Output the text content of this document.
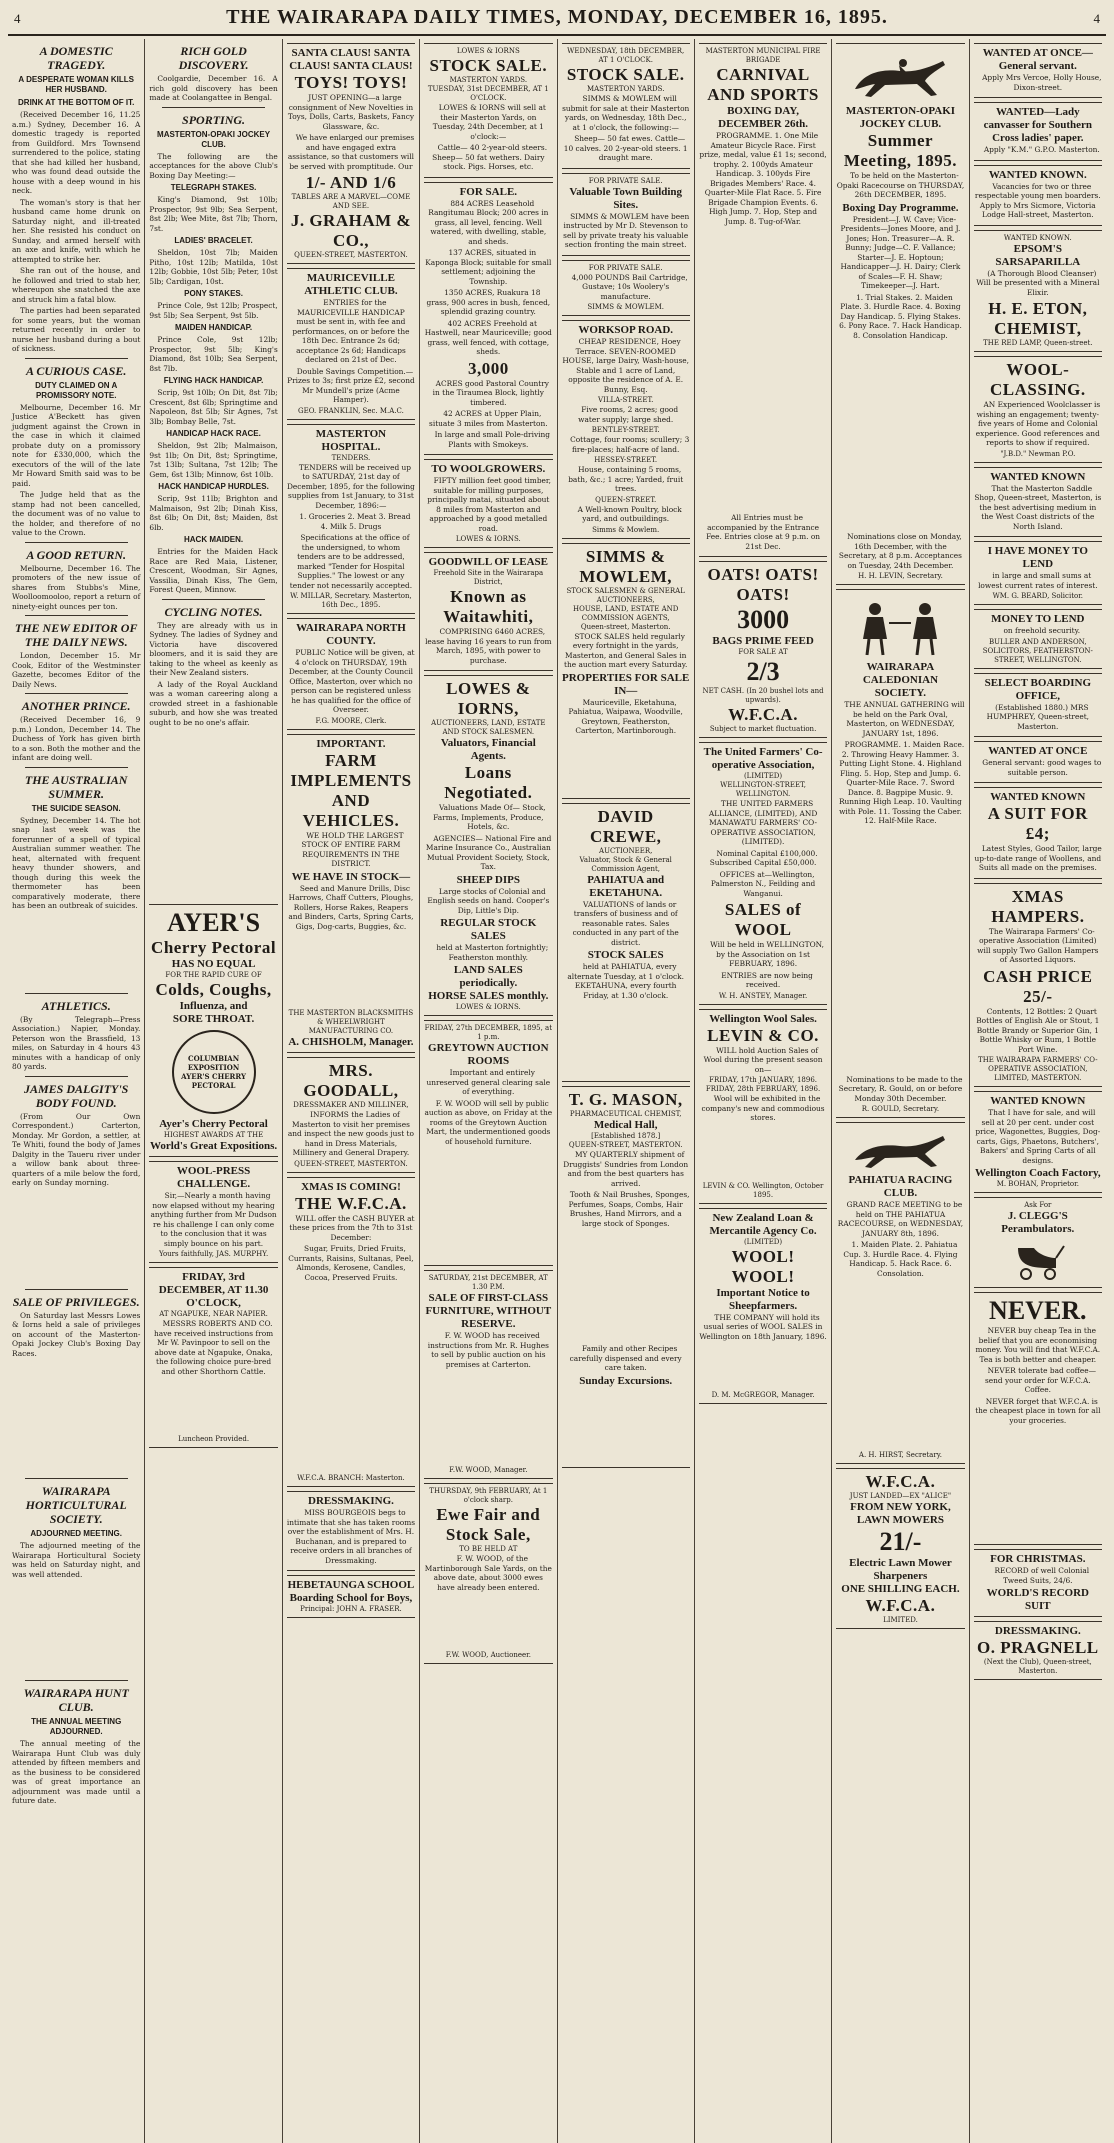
4	THE WAIRARAPA DAILY TIMES, MONDAY, DECEMBER 16, 1895.	4
A DOMESTIC TRAGEDY.
A DESPERATE WOMAN KILLS HER HUSBAND.
DRINK AT THE BOTTOM OF IT.

(Received December 16, 11.25 a.m.) Sydney, December 16. A domestic tragedy is reported from Guildford. Mrs Townsend surrendered to the police, stating that she had killed her husband, who was found dead outside the house with a deep wound in his neck.

The woman's story is that her husband came home drunk on Saturday night, and ill-treated her. She resisted his conduct on Sunday, and armed herself with an axe and knife, with which he attempted to strike her.

She ran out of the house, and he followed and tried to stab her, whereupon she snatched the axe and struck him a fatal blow.

The parties had been separated for some years, but the woman returned recently in order to nurse her husband during a bout of sickness.

A CURIOUS CASE.
DUTY CLAIMED ON A PROMISSORY NOTE.

Melbourne, December 16. Mr Justice A'Beckett has given judgment against the Crown in the case in which it claimed probate duty on a promissory note for £330,000, which the executors of the will of the late Mr Howard Smith said was to be paid.

The Judge held that as the stamp had not been cancelled, the document was of no value to the holder, and therefore of no value to the Crown.

A GOOD RETURN.

Melbourne, December 16. The promoters of the new issue of shares from Stubbs's Mine, Woolloomooloo, report a return of ninety-eight ounces per ton.

THE NEW EDITOR OF THE DAILY NEWS.

London, December 15. Mr Cook, Editor of the Westminster Gazette, becomes Editor of the Daily News.

ANOTHER PRINCE.

(Received December 16, 9 p.m.) London, December 14. The Duchess of York has given birth to a son. Both the mother and the infant are doing well.

THE AUSTRALIAN SUMMER.
THE SUICIDE SEASON.

Sydney, December 14. The hot snap last week was the forerunner of a spell of typical Australian summer weather. The heat, alternated with frequent heavy thunder showers, and though during this week the thermometer has been comparatively moderate, there has been an outbreak of suicides.

ATHLETICS.

(By Telegraph—Press Association.) Napier, Monday. Peterson won the Brassfield, 13 miles, on Saturday in 4 hours 43 minutes with a handicap of only 80 yards.

JAMES DALGITY'S BODY FOUND.

(From Our Own Correspondent.) Carterton, Monday. Mr Gordon, a settler, at Te Whiti, found the body of James Dalgity in the Taueru river under a willow bank about three-quarters of a mile below the ford, early on Sunday morning.

SALE OF PRIVILEGES.

On Saturday last Messrs Lowes & Iorns held a sale of privileges on account of the Masterton-Opaki Jockey Club's Boxing Day Races.

WAIRARAPA HORTICULTURAL SOCIETY.
ADJOURNED MEETING.

The adjourned meeting of the Wairarapa Horticultural Society was held on Saturday night, and was well attended.

WAIRARAPA HUNT CLUB.
THE ANNUAL MEETING ADJOURNED.

The annual meeting of the Wairarapa Hunt Club was duly attended by fifteen members and as the business to be considered was of great importance an adjournment was made until a future date.

RICH GOLD DISCOVERY.

Coolgardie, December 16. A rich gold discovery has been made at Coolangattee in Bengal.

SPORTING.
MASTERTON-OPAKI JOCKEY CLUB.

The following are the acceptances for the above Club's Boxing Day Meeting:—

TELEGRAPH STAKES.

King's Diamond, 9st 10lb; Prospector, 9st 9lb; Sea Serpent, 8st 2lb; Wee Mite, 8st 7lb; Thorn, 7st.

LADIES' BRACELET.

Sheldon, 10st 7lb; Maiden Pitho, 10st 12lb; Matilda, 10st 12lb; Gobbie, 10st 5lb; Peter, 10st 5lb; Cardigan, 10st.

PONY STAKES.

Prince Cole, 9st 12lb; Prospect, 9st 5lb; Sea Serpent, 9st 5lb.

MAIDEN HANDICAP.

Prince Cole, 9st 12lb; Prospector, 9st 5lb; King's Diamond, 8st 10lb; Sea Serpent, 8st 7lb.

FLYING HACK HANDICAP.

Scrip, 9st 10lb; On Dit, 8st 7lb; Crescent, 8st 6lb; Springtime and Napoleon, 8st 5lb; Sir Agnes, 7st 3lb; Bombay Belle, 7st.

HANDICAP HACK RACE.

Sheldon, 9st 2lb; Malmaison, 9st 1lb; On Dit, 8st; Springtime, 7st 13lb; Sultana, 7st 12lb; The Gem, 6st 13lb; Minnow, 6st 10lb.

HACK HANDICAP HURDLES.

Scrip, 9st 11lb; Brighton and Malmaison, 9st 2lb; Dinah Kiss, 8st 6lb; On Dit, 8st; Maiden, 8st 6lb.

HACK MAIDEN.

Entries for the Maiden Hack Race are Red Maia, Listener, Crescent, Woodman, Sir Agnes, Vassilia, Dinah Kiss, The Gem, Forest Queen, Minnow.

CYCLING NOTES.

They are already with us in Sydney. The ladies of Sydney and Victoria have discovered bloomers, and it is said they are taking to the wheel as keenly as their New Zealand sisters.

A lady of the Royal Auckland was a woman careering along a crowded street in a fashionable suburb, and how she was treated ought to be no one's affair.

AYER'S
Cherry Pectoral
HAS NO EQUAL
FOR THE RAPID CURE OF
Colds, Coughs,
Influenza, and
SORE THROAT.
COLUMBIAN EXPOSITION AYER'S CHERRY PECTORAL
Ayer's Cherry Pectoral
HIGHEST AWARDS AT THE
World's Great Expositions.
WOOL-PRESS CHALLENGE.

Sir,—Nearly a month having now elapsed without my hearing anything further from Mr Dudson re his challenge I can only come to the conclusion that it was simply bounce on his part.

Yours faithfully, JAS. MURPHY.
FRIDAY, 3rd DECEMBER, AT 11.30 O'CLOCK,
AT NGAPUKE, NEAR NAPIER.

MESSRS ROBERTS AND CO. have received instructions from Mr W. Pavinpoor to sell on the above date at Ngapuke, Onaka, the following choice pure-bred and other Shorthorn Cattle.

Luncheon Provided.
SANTA CLAUS! SANTA CLAUS! SANTA CLAUS!
TOYS! TOYS!

JUST OPENING—a large consignment of New Novelties in Toys, Dolls, Carts, Baskets, Fancy Glassware, &c.

We have enlarged our premises and have engaged extra assistance, so that customers will be served with promptitude. Our

1/- AND 1/6
TABLES ARE A MARVEL—COME AND SEE.
J. GRAHAM & CO.,
QUEEN-STREET, MASTERTON.
MAURICEVILLE ATHLETIC CLUB.

ENTRIES for the MAURICEVILLE HANDICAP must be sent in, with fee and performances, on or before the 18th Dec. Entrance 2s 6d; acceptance 2s 6d; Handicaps declared on 21st of Dec.

Double Savings Competition.—Prizes to 3s; first prize £2, second Mr Mundell's prize (Acme Hamper).

GEO. FRANKLIN, Sec. M.A.C.
MASTERTON HOSPITAL.
TENDERS.

TENDERS will be received up to SATURDAY, 21st day of December, 1895, for the following supplies from 1st January, to 31st December, 1896:—

1. Groceries 2. Meat 3. Bread 4. Milk 5. Drugs

Specifications at the office of the undersigned, to whom tenders are to be addressed, marked "Tender for Hospital Supplies." The lowest or any tender not necessarily accepted.

W. MILLAR, Secretary. Masterton, 16th Dec., 1895.
WAIRARAPA NORTH COUNTY.

PUBLIC Notice will be given, at 4 o'clock on THURSDAY, 19th December, at the County Council Office, Masterton, over which no person can be registered unless he has qualified for the office of Overseer.

F.G. MOORE, Clerk.
IMPORTANT.
FARM IMPLEMENTS AND VEHICLES.

WE HOLD THE LARGEST STOCK OF ENTIRE FARM REQUIREMENTS IN THE DISTRICT.

WE HAVE IN STOCK—

Seed and Manure Drills, Disc Harrows, Chaff Cutters, Ploughs, Rollers, Horse Rakes, Reapers and Binders, Carts, Spring Carts, Gigs, Dog-carts, Buggies, &c.

THE MASTERTON BLACKSMITHS & WHEELWRIGHT MANUFACTURING CO.
A. CHISHOLM, Manager.
MRS. GOODALL,
DRESSMAKER AND MILLINER,

INFORMS the Ladies of Masterton to visit her premises and inspect the new goods just to hand in Dress Materials, Millinery and General Drapery.

QUEEN-STREET, MASTERTON.
XMAS IS COMING!
THE W.F.C.A.

WILL offer the CASH BUYER at these prices from the 7th to 31st December:

Sugar, Fruits, Dried Fruits, Currants, Raisins, Sultanas, Peel, Almonds, Kerosene, Candles, Cocoa, Preserved Fruits.

W.F.C.A. BRANCH: Masterton.
DRESSMAKING.

MISS BOURGEOIS begs to intimate that she has taken rooms over the establishment of Mrs. H. Buchanan, and is prepared to receive orders in all branches of Dressmaking.

HEBETAUNGA SCHOOL
Boarding School for Boys,
Principal: JOHN A. FRASER.
LOWES & IORNS
STOCK SALE.
MASTERTON YARDS.
TUESDAY, 31st DECEMBER, AT 1 O'CLOCK.

LOWES & IORNS will sell at their Masterton Yards, on Tuesday, 24th December, at 1 o'clock:—

Cattle— 40 2-year-old steers. Sheep— 50 fat wethers. Dairy stock. Pigs. Horses, etc.

FOR SALE.

884 ACRES Leasehold Rangitumau Block; 200 acres in grass, all level, fencing. Well watered, with dwelling, stable, and sheds.

137 ACRES, situated in Kaponga Block; suitable for small settlement; adjoining the Township.

1350 ACRES, Ruakura 18 grass, 900 acres in bush, fenced, splendid grazing country.

402 ACRES Freehold at Hastwell, near Mauriceville; good grass, well fenced, with cottage, sheds.

3,000

ACRES good Pastoral Country in the Tiraumea Block, lightly timbered.

42 ACRES at Upper Plain, situate 3 miles from Masterton.

In large and small Pole-driving Plants with Smokeys.

TO WOOLGROWERS.

FIFTY million feet good timber, suitable for milling purposes, principally matai, situated about 8 miles from Masterton and approached by a good metalled road.

LOWES & IORNS.
GOODWILL OF LEASE
Freehold Site in the Wairarapa District,
Known as Waitawhiti,

COMPRISING 6460 ACRES, lease having 16 years to run from March, 1895, with power to purchase.

LOWES & IORNS,
AUCTIONEERS, LAND, ESTATE AND STOCK SALESMEN.
Valuators, Financial Agents.
Loans Negotiated.

Valuations Made Of— Stock, Farms, Implements, Produce, Hotels, &c.

AGENCIES— National Fire and Marine Insurance Co., Australian Mutual Provident Society, Stock, Tax.

SHEEP DIPS

Large stocks of Colonial and English seeds on hand. Cooper's Dip, Little's Dip.

REGULAR STOCK SALES

held at Masterton fortnightly; Featherston monthly.

LAND SALES periodically.
HORSE SALES monthly.
LOWES & IORNS.
FRIDAY, 27th DECEMBER, 1895, at 1 p.m.
GREYTOWN AUCTION ROOMS

Important and entirely unreserved general clearing sale of everything.

F. W. WOOD will sell by public auction as above, on Friday at the rooms of the Greytown Auction Mart, the undermentioned goods of household furniture.

SATURDAY, 21st DECEMBER, AT 1.30 P.M.
SALE OF FIRST-CLASS FURNITURE, WITHOUT RESERVE.

F. W. WOOD has received instructions from Mr. R. Hughes to sell by public auction on his premises at Carterton.

F.W. WOOD, Manager.
THURSDAY, 9th FEBRUARY, At 1 o'clock sharp.
Ewe Fair and Stock Sale,
TO BE HELD AT

F. W. WOOD, of the Martinborough Sale Yards, on the above date, about 3000 ewes have already been entered.

F.W. WOOD, Auctioneer.
WEDNESDAY, 18th DECEMBER, AT 1 O'CLOCK.
STOCK SALE.
MASTERTON YARDS.

SIMMS & MOWLEM will submit for sale at their Masterton yards, on Wednesday, 18th Dec., at 1 o'clock, the following:—

Sheep— 50 fat ewes. Cattle— 10 calves. 20 2-year-old steers. 1 draught mare.

FOR PRIVATE SALE.
Valuable Town Building Sites.

SIMMS & MOWLEM have been instructed by Mr D. Stevenson to sell by private treaty his valuable section fronting the main street.

FOR PRIVATE SALE.

4,000 POUNDS Bail Cartridge, Gustave; 10s Woolery's manufacture.

SIMMS & MOWLEM.
WORKSOP ROAD.

CHEAP RESIDENCE, Hoey Terrace. SEVEN-ROOMED HOUSE, large Dairy, Wash-house, Stable and 1 acre of Land, opposite the residence of A. E. Bunny, Esq.

VILLA-STREET.

Five rooms, 2 acres; good water supply; large shed.

BENTLEY-STREET.

Cottage, four rooms; scullery; 3 fire-places; half-acre of land.

HESSEY-STREET.

House, containing 5 rooms, bath, &c.; 1 acre; Yarded, fruit trees.

QUEEN-STREET.

A Well-known Poultry, block yard, and outbuildings.

Simms & Mowlem.
SIMMS & MOWLEM,
STOCK SALESMEN & GENERAL AUCTIONEERS,
HOUSE, LAND, ESTATE AND COMMISSION AGENTS,
Queen-street, Masterton.

STOCK SALES held regularly every fortnight in the yards, Masterton, and General Sales in the auction mart every Saturday.

PROPERTIES FOR SALE IN—

Mauriceville, Eketahuna, Pahiatua, Waipawa, Woodville, Greytown, Featherston, Carterton, Martinborough.

DAVID CREWE,
AUCTIONEER,
Valuator, Stock & General Commission Agent,
PAHIATUA and EKETAHUNA.

VALUATIONS of lands or transfers of business and of reasonable rates. Sales conducted in any part of the district.

STOCK SALES

held at PAHIATUA, every alternate Tuesday, at 1 o'clock. EKETAHUNA, every fourth Friday, at 1.30 o'clock.

T. G. MASON,
PHARMACEUTICAL CHEMIST,
Medical Hall,
[Established 1878.]
QUEEN-STREET, MASTERTON.

MY QUARTERLY shipment of Druggists' Sundries from London and from the best quarters has arrived.

Tooth & Nail Brushes, Sponges, Perfumes, Soaps, Combs, Hair Brushes, Hand Mirrors, and a large stock of Sponges.

Family and other Recipes carefully dispensed and every care taken.

Sunday Excursions.
MASTERTON MUNICIPAL FIRE BRIGADE
CARNIVAL AND SPORTS
BOXING DAY, DECEMBER 26th.

PROGRAMME. 1. One Mile Amateur Bicycle Race. First prize, medal, value £1 1s; second, trophy. 2. 100yds Amateur Handicap. 3. 100yds Fire Brigades Members' Race. 4. Quarter-Mile Flat Race. 5. Fire Brigade Champion Events. 6. High Jump. 7. Hop, Step and Jump. 8. Tug-of-War.

All Entries must be accompanied by the Entrance Fee. Entries close at 9 p.m. on 21st Dec.

OATS! OATS! OATS!
3000
BAGS PRIME FEED
FOR SALE AT
2/3
NET CASH. (In 20 bushel lots and upwards).
W.F.C.A.
Subject to market fluctuation.
The United Farmers' Co-operative Association,
(LIMITED)
WELLINGTON-STREET, WELLINGTON.

THE UNITED FARMERS ALLIANCE, (LIMITED), AND MANAWATU FARMERS' CO-OPERATIVE ASSOCIATION, (LIMITED).

Nominal Capital £100,000. Subscribed Capital £50,000.

OFFICES at—Wellington, Palmerston N., Feilding and Wanganui.

SALES of WOOL

Will be held in WELLINGTON, by the Association on 1st FEBRUARY, 1896.

ENTRIES are now being received.

W. H. ANSTEY, Manager.
Wellington Wool Sales.
LEVIN & CO.

WILL hold Auction Sales of Wool during the present season on—

FRIDAY, 17th JANUARY, 1896. FRIDAY, 28th FEBRUARY, 1896.

Wool will be exhibited in the company's new and commodious stores.

LEVIN & CO. Wellington, October 1895.
New Zealand Loan & Mercantile Agency Co.
(LIMITED)
WOOL! WOOL!
Important Notice to Sheepfarmers.

THE COMPANY will hold its usual series of WOOL SALES in Wellington on 18th January, 1896.

D. M. McGREGOR, Manager.
MASTERTON-OPAKI JOCKEY CLUB.
Summer Meeting, 1895.

To be held on the Masterton-Opaki Racecourse on THURSDAY, 26th DECEMBER, 1895.

Boxing Day Programme.

President—J. W. Cave; Vice-Presidents—Jones Moore, and J. Jones; Hon. Treasurer—A. R. Bunny; Judge—C. F. Vallance; Starter—J. E. Hoptoun; Handicapper—J. H. Dairy; Clerk of Scales—F. H. Shaw; Timekeeper—J. Hart.

1. Trial Stakes. 2. Maiden Plate. 3. Hurdle Race. 4. Boxing Day Handicap. 5. Flying Stakes. 6. Pony Race. 7. Hack Handicap. 8. Consolation Handicap.

Nominations close on Monday, 16th December, with the Secretary, at 8 p.m. Acceptances on Tuesday, 24th December.

H. H. LEVIN, Secretary.
WAIRARAPA CALEDONIAN SOCIETY.

THE ANNUAL GATHERING will be held on the Park Oval, Masterton, on WEDNESDAY, JANUARY 1st, 1896.

PROGRAMME. 1. Maiden Race. 2. Throwing Heavy Hammer. 3. Putting Light Stone. 4. Highland Fling. 5. Hop, Step and Jump. 6. Quarter-Mile Race. 7. Sword Dance. 8. Bagpipe Music. 9. Running High Leap. 10. Vaulting with Pole. 11. Tossing the Caber. 12. Half-Mile Race.

Nominations to be made to the Secretary, R. Gould, on or before Monday 30th December.

R. GOULD, Secretary.
PAHIATUA RACING CLUB.

GRAND RACE MEETING to be held on THE PAHIATUA RACECOURSE, on WEDNESDAY, JANUARY 8th, 1896.

1. Maiden Plate. 2. Pahiatua Cup. 3. Hurdle Race. 4. Flying Handicap. 5. Hack Race. 6. Consolation.

A. H. HIRST, Secretary.
W.F.C.A.
JUST LANDED—EX "ALICE"
FROM NEW YORK, LAWN MOWERS
21/-
Electric Lawn Mower Sharpeners
ONE SHILLING EACH.
W.F.C.A.
LIMITED.
WANTED AT ONCE—General servant.

Apply Mrs Vercoe, Holly House, Dixon-street.

WANTED—Lady canvasser for Southern Cross ladies' paper.

Apply "K.M." G.P.O. Masterton.

WANTED KNOWN.

Vacancies for two or three respectable young men boarders. Apply to Mrs Sicmore, Victoria Lodge Hall-street, Masterton.

WANTED KNOWN.
EPSOM'S SARSAPARILLA

(A Thorough Blood Cleanser) Will be presented with a Mineral Elixir.

H. E. ETON, CHEMIST,
THE RED LAMP, Queen-street.
WOOL-CLASSING.

AN Experienced Woolclasser is wishing an engagement; twenty-five years of Home and Colonial experience. Good references and reports to show if required.

"J.B.D." Newman P.O.
WANTED KNOWN

That the Masterton Saddle Shop, Queen-street, Masterton, is the best advertising medium in the West Coast districts of the North Island.

I HAVE MONEY TO LEND

in large and small sums at lowest current rates of interest.

WM. G. BEARD, Solicitor.
MONEY TO LEND

on freehold security.

BULLER AND ANDERSON,
SOLICITORS, FEATHERSTON-STREET, WELLINGTON.
SELECT BOARDING OFFICE,

(Established 1880.) MRS HUMPHREY, Queen-street, Masterton.

WANTED AT ONCE

General servant: good wages to suitable person.

WANTED KNOWN
A SUIT FOR £4;

Latest Styles, Good Tailor, large up-to-date range of Woollens, and Suits all made on the premises.

XMAS HAMPERS.

The Wairarapa Farmers' Co-operative Association (Limited) will supply Two Gallon Hampers of Assorted Liquors.

CASH PRICE 25/-

Contents, 12 Bottles: 2 Quart Bottles of English Ale or Stout, 1 Bottle Brandy or Superior Gin, 1 Bottle Whisky or Rum, 1 Bottle Port Wine.

THE WAIRARAPA FARMERS' CO-OPERATIVE ASSOCIATION, LIMITED, MASTERTON.
WANTED KNOWN

That I have for sale, and will sell at 20 per cent. under cost price, Wagonettes, Buggies, Dog-carts, Gigs, Phaetons, Butchers', Bakers' and Spring Carts of all designs.

Wellington Coach Factory,
M. BOHAN, Proprietor.
Ask For
J. CLEGG'S Perambulators.
NEVER.

NEVER buy cheap Tea in the belief that you are economising money. You will find that W.F.C.A. Tea is both better and cheaper.

NEVER tolerate bad coffee—send your order for W.F.C.A. Coffee.

NEVER forget that W.F.C.A. is the cheapest place in town for all your groceries.

FOR CHRISTMAS.

RECORD of well Colonial Tweed Suits, 24/6.

WORLD'S RECORD SUIT
DRESSMAKING.
O. PRAGNELL
(Next the Club), Queen-street, Masterton.
